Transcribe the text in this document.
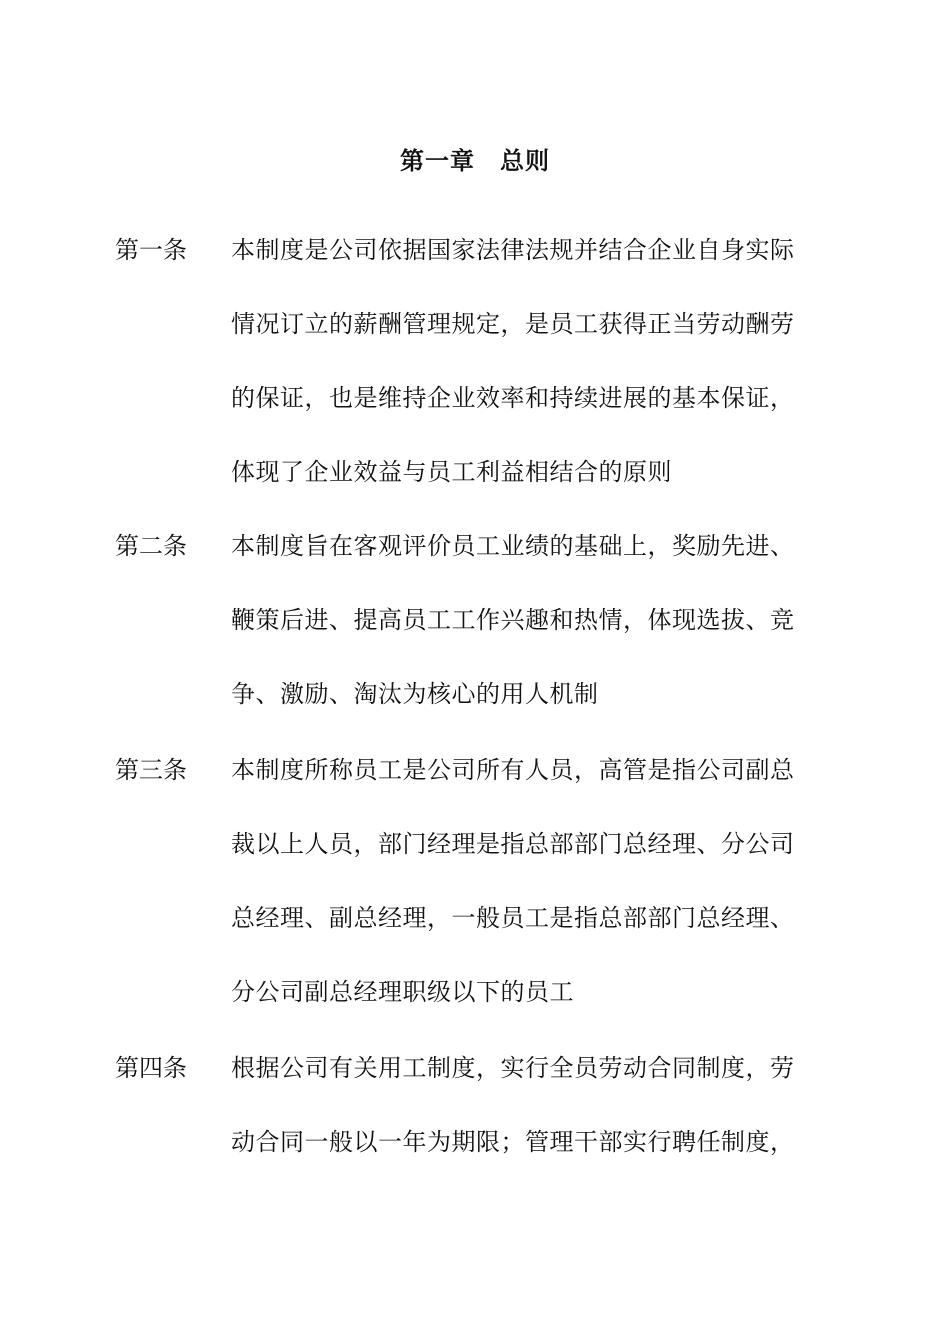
第一章　总则
第一条 本制度是公司依据国家法律法规并结合企业自身实际
情况订立的薪酬管理规定，是员工获得正当劳动酬劳
的保证，也是维持企业效率和持续进展的基本保证，
体现了企业效益与员工利益相结合的原则
第二条 本制度旨在客观评价员工业绩的基础上，奖励先进、
鞭策后进、提高员工工作兴趣和热情，体现选拔、竞
争、激励、淘汰为核心的用人机制
第三条 本制度所称员工是公司所有人员，高管是指公司副总
裁以上人员，部门经理是指总部部门总经理、分公司
总经理、副总经理，一般员工是指总部部门总经理、
分公司副总经理职级以下的员工
第四条 根据公司有关用工制度，实行全员劳动合同制度，劳
动合同一般以一年为期限；管理干部实行聘任制度，
